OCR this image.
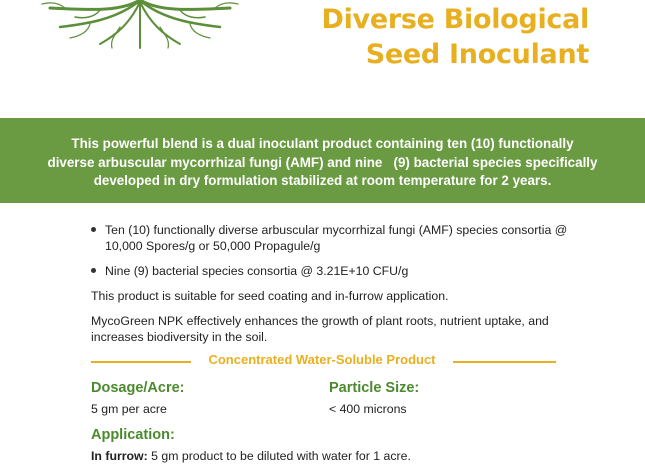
Diverse Biological
Seed Inoculant
This powerful blend is a dual inoculant product containing ten (10) functionally
diverse arbuscular mycorrhizal fungi (AMF) and nine   (9) bacterial species specifically
developed in dry formulation stabilized at room temperature for 2 years.
Ten (10) functionally diverse arbuscular mycorrhizal fungi (AMF) species consortia @ 10,000 Spores/g or 50,000 Propagule/g
Nine (9) bacterial species consortia @ 3.21E+10 CFU/g

This product is suitable for seed coating and in-furrow application.

MycoGreen NPK effectively enhances the growth of plant roots, nutrient uptake, and increases biodiversity in the soil.

Concentrated Water-Soluble Product
Dosage/Acre:
5 gm per acre
Particle Size:
< 400 microns
Application:
In furrow: 5 gm product to be diluted with water for 1 acre.
